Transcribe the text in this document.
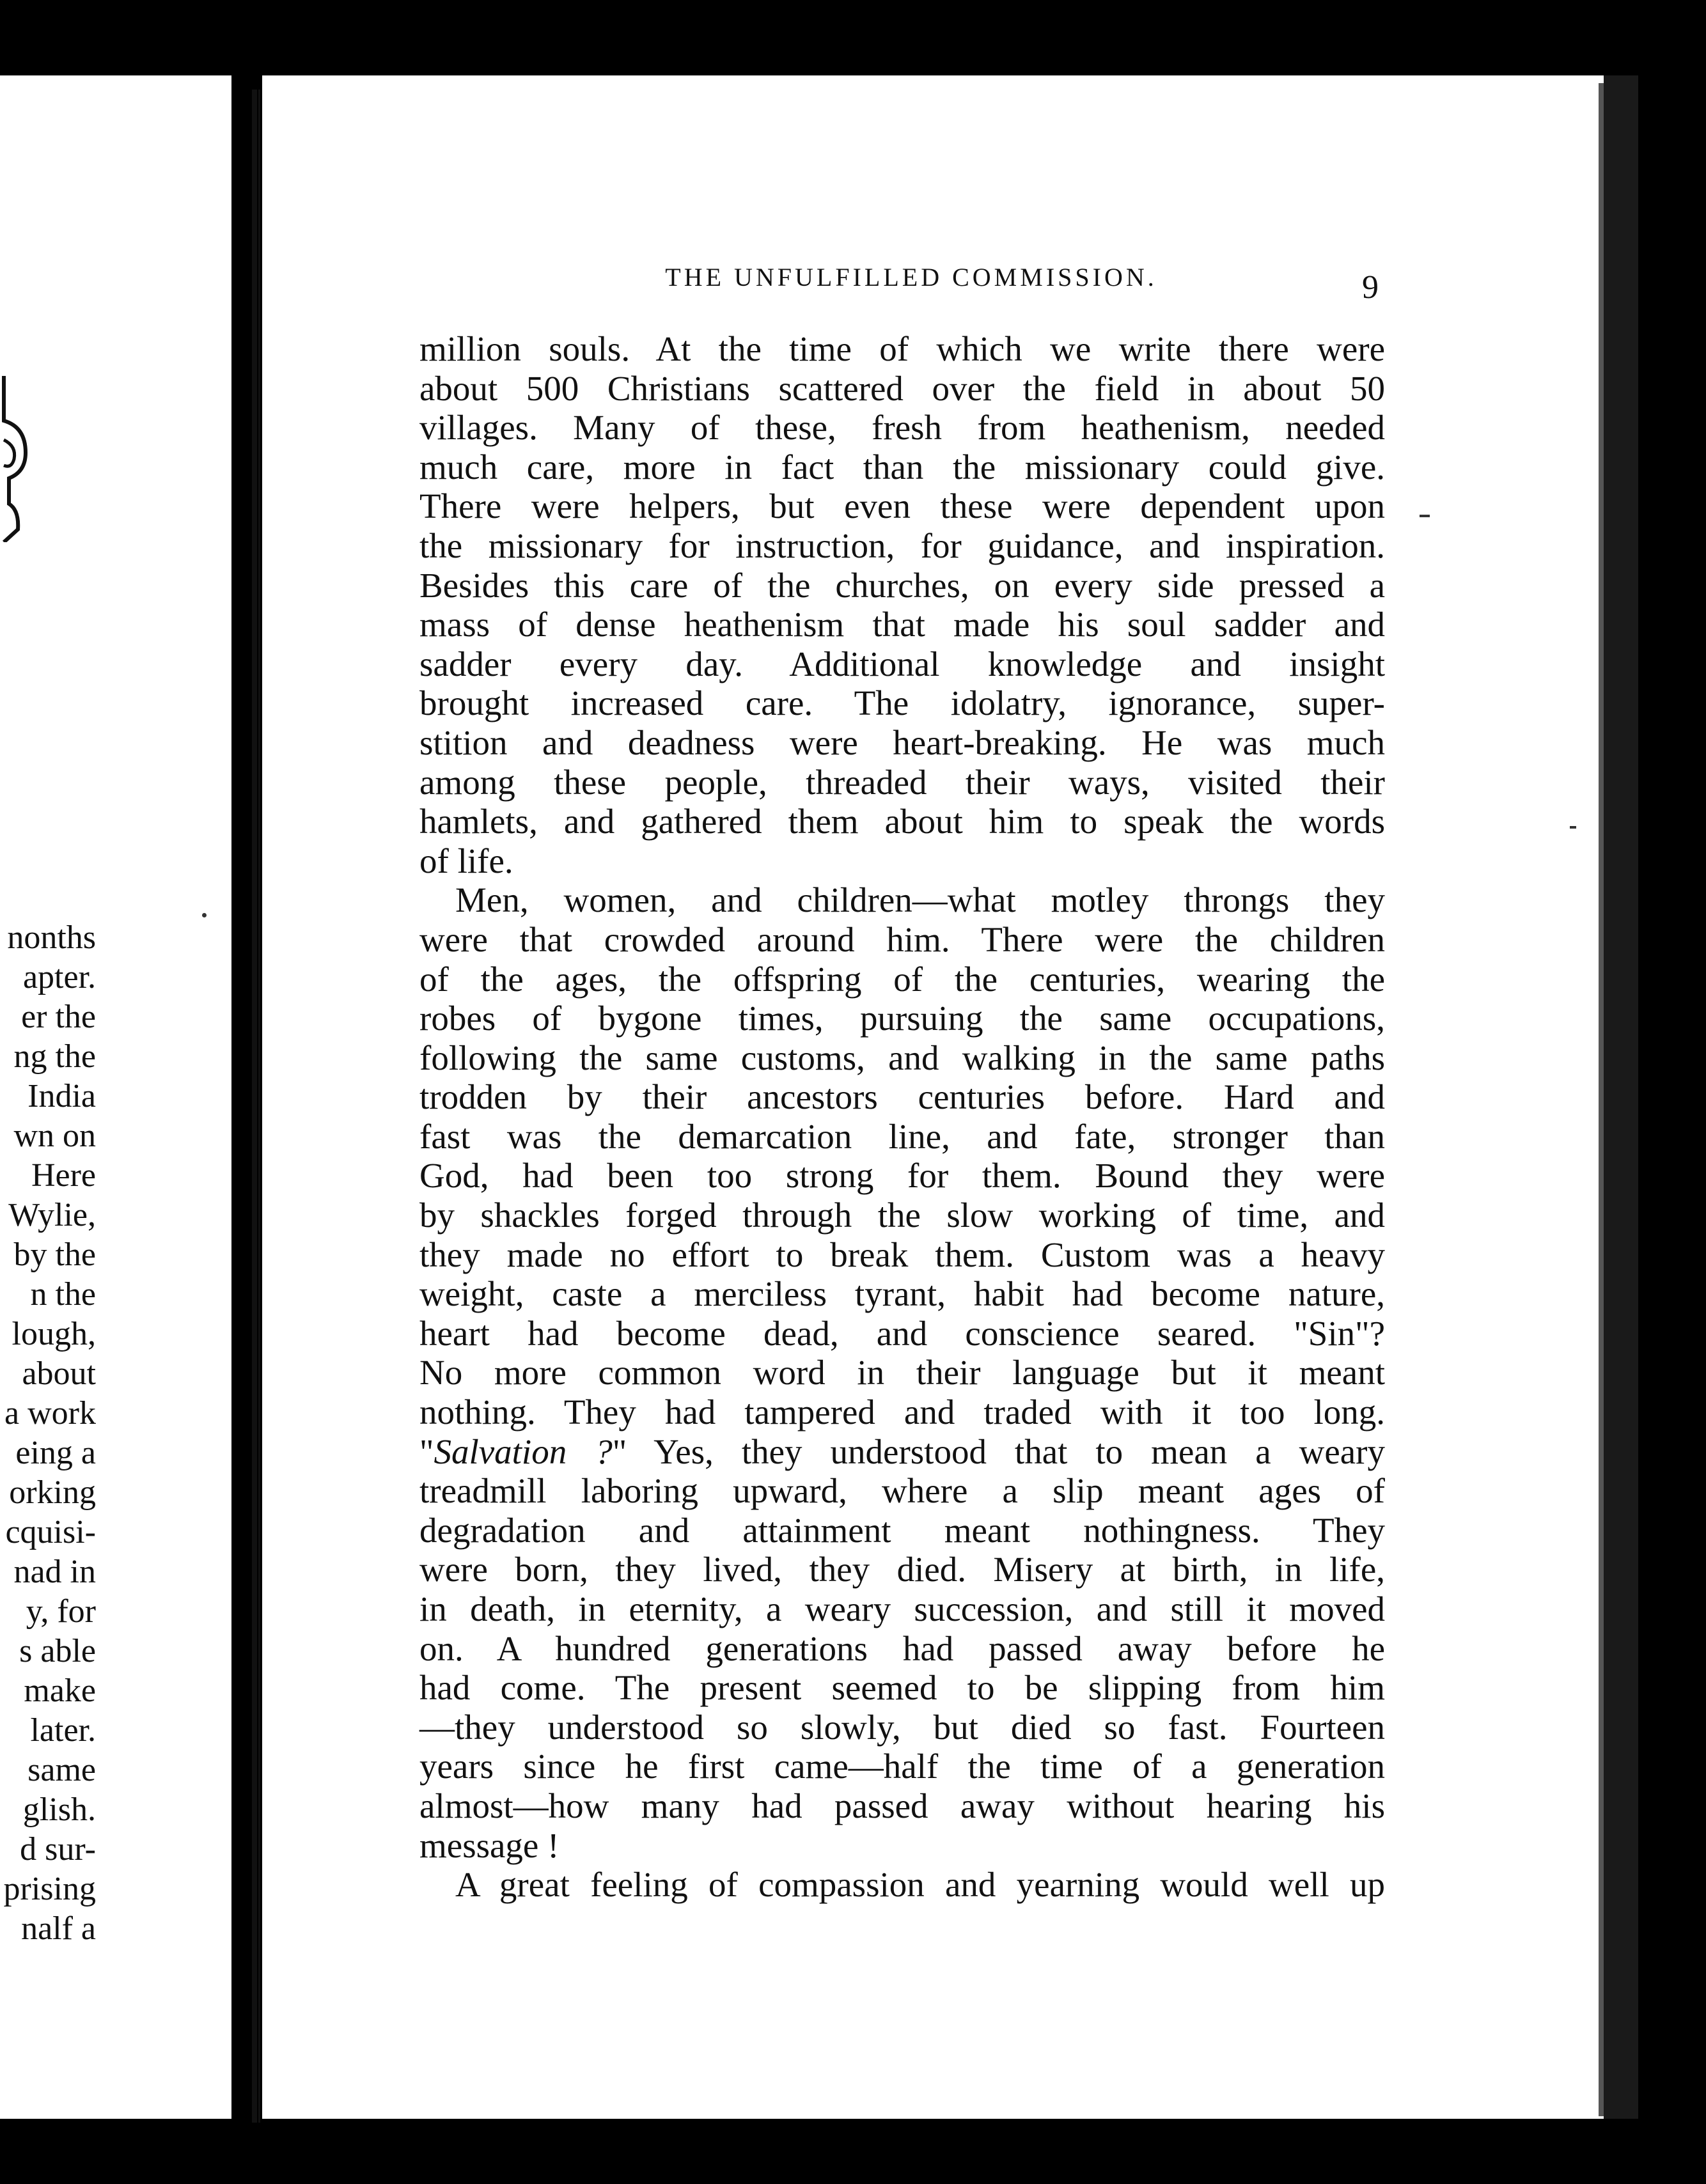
nonths
apter.
er the
ng the
India
wn on
Here
Wylie,
by the
n the
lough,
about
a work
eing a
orking
cquisi-
nad in
y, for
s able
make
later.
same
glish.
d sur-
prising
nalf a
THE UNFULFILLED COMMISSION.	9
million souls. At the time of which we write there were
about 500 Christians scattered over the field in about 50
villages. Many of these, fresh from heathenism, needed
much care, more in fact than the missionary could give.
There were helpers, but even these were dependent upon
the missionary for instruction, for guidance, and inspiration.
Besides this care of the churches, on every side pressed a
mass of dense heathenism that made his soul sadder and
sadder every day. Additional knowledge and insight
brought increased care. The idolatry, ignorance, super-
stition and deadness were heart-breaking. He was much
among these people, threaded their ways, visited their
hamlets, and gathered them about him to speak the words
of life.
Men, women, and children—what motley throngs they
were that crowded around him. There were the children
of the ages, the offspring of the centuries, wearing the
robes of bygone times, pursuing the same occupations,
following the same customs, and walking in the same paths
trodden by their ancestors centuries before. Hard and
fast was the demarcation line, and fate, stronger than
God, had been too strong for them. Bound they were
by shackles forged through the slow working of time, and
they made no effort to break them. Custom was a heavy
weight, caste a merciless tyrant, habit had become nature,
heart had become dead, and conscience seared. "Sin"?
No more common word in their language but it meant
nothing. They had tampered and traded with it too long.
"Salvation ?" Yes, they understood that to mean a weary
treadmill laboring upward, where a slip meant ages of
degradation and attainment meant nothingness. They
were born, they lived, they died. Misery at birth, in life,
in death, in eternity, a weary succession, and still it moved
on. A hundred generations had passed away before he
had come. The present seemed to be slipping from him
—they understood so slowly, but died so fast. Fourteen
years since he first came—half the time of a generation
almost—how many had passed away without hearing his
message !
A great feeling of compassion and yearning would well up
